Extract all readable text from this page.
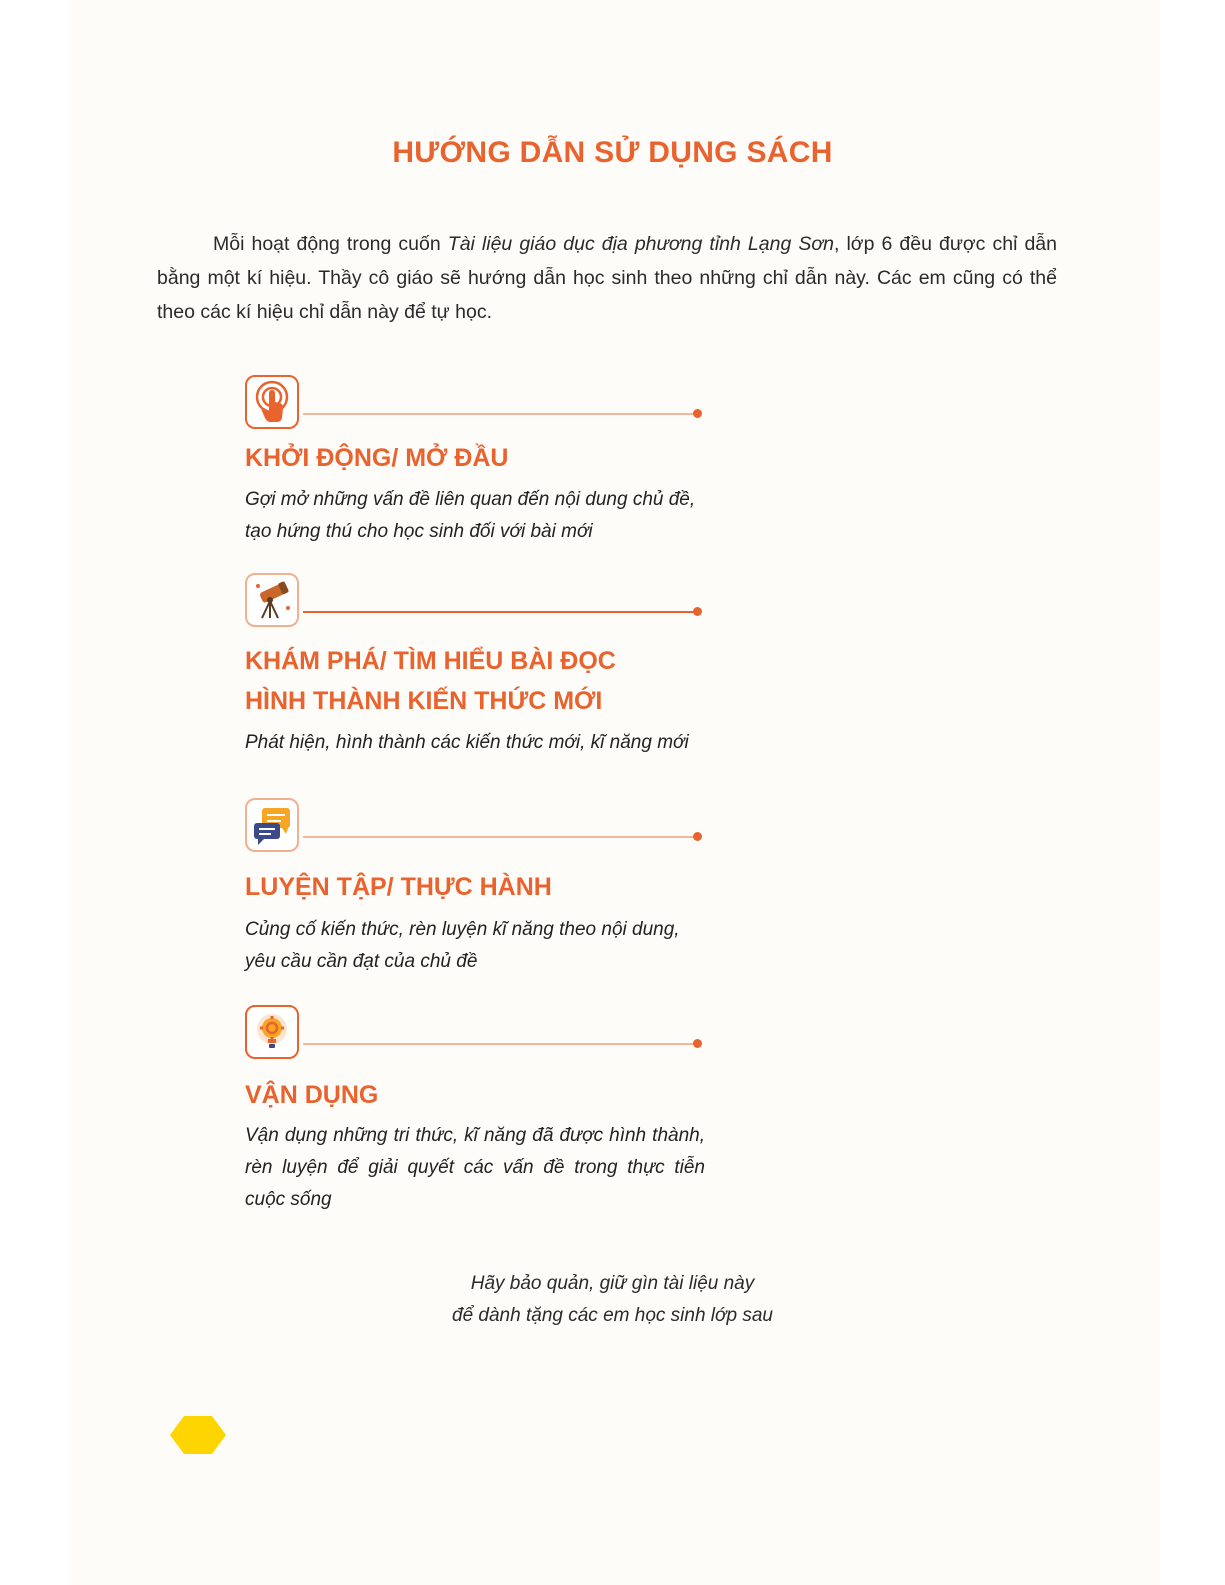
HƯỚNG DẪN SỬ DỤNG SÁCH

Mỗi hoạt động trong cuốn Tài liệu giáo dục địa phương tỉnh Lạng Sơn, lớp 6 đều được chỉ dẫn bằng một kí hiệu. Thầy cô giáo sẽ hướng dẫn học sinh theo những chỉ dẫn này. Các em cũng có thể theo các kí hiệu chỉ dẫn này để tự học.

KHỞI ĐỘNG/ MỞ ĐẦU
Gợi mở những vấn đề liên quan đến nội dung chủ đề, tạo hứng thú cho học sinh đối với bài mới
KHÁM PHÁ/ TÌM HIỂU BÀI ĐỌC
HÌNH THÀNH KIẾN THỨC MỚI
Phát hiện, hình thành các kiến thức mới, kĩ năng mới
LUYỆN TẬP/ THỰC HÀNH
Củng cố kiến thức, rèn luyện kĩ năng theo nội dung, yêu cầu cần đạt của chủ đề
VẬN DỤNG
Vận dụng những tri thức, kĩ năng đã được hình thành, rèn luyện để giải quyết các vấn đề trong thực tiễn cuộc sống
Hãy bảo quản, giữ gìn tài liệu này
để dành tặng các em học sinh lớp sau
